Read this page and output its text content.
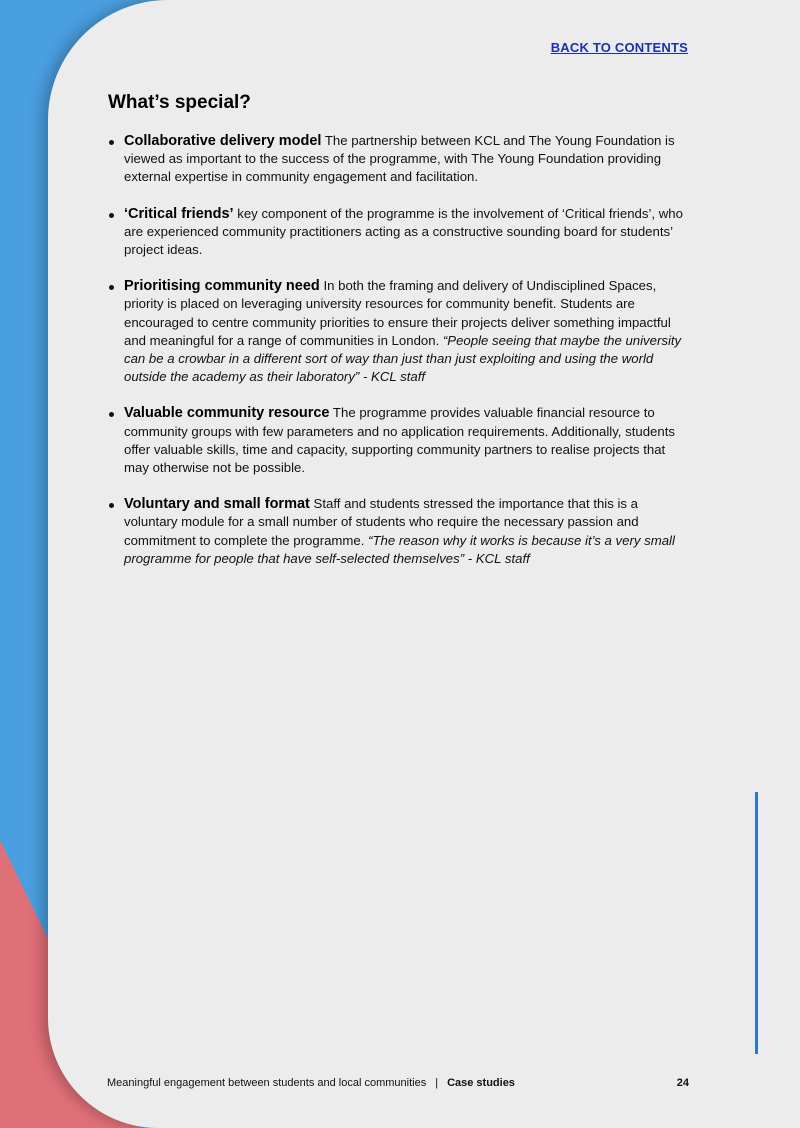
BACK TO CONTENTS
What’s special?
Collaborative delivery model The partnership between KCL and The Young Foundation is viewed as important to the success of the programme, with The Young Foundation providing external expertise in community engagement and facilitation.
‘Critical friends’ key component of the programme is the involvement of ‘Critical friends’, who are experienced community practitioners acting as a constructive sounding board for students’ project ideas.
Prioritising community need In both the framing and delivery of Undisciplined Spaces, priority is placed on leveraging university resources for community benefit. Students are encouraged to centre community priorities to ensure their projects deliver something impactful and meaningful for a range of communities in London. “People seeing that maybe the university can be a crowbar in a different sort of way than just than just exploiting and using the world outside the academy as their laboratory” - KCL staff
Valuable community resource The programme provides valuable financial resource to community groups with few parameters and no application requirements. Additionally, students offer valuable skills, time and capacity, supporting community partners to realise projects that may otherwise not be possible.
Voluntary and small format Staff and students stressed the importance that this is a voluntary module for a small number of students who require the necessary passion and commitment to complete the programme. “The reason why it works is because it’s a very small programme for people that have self-selected themselves” - KCL staff
Meaningful engagement between students and local communities | Case studies	24
